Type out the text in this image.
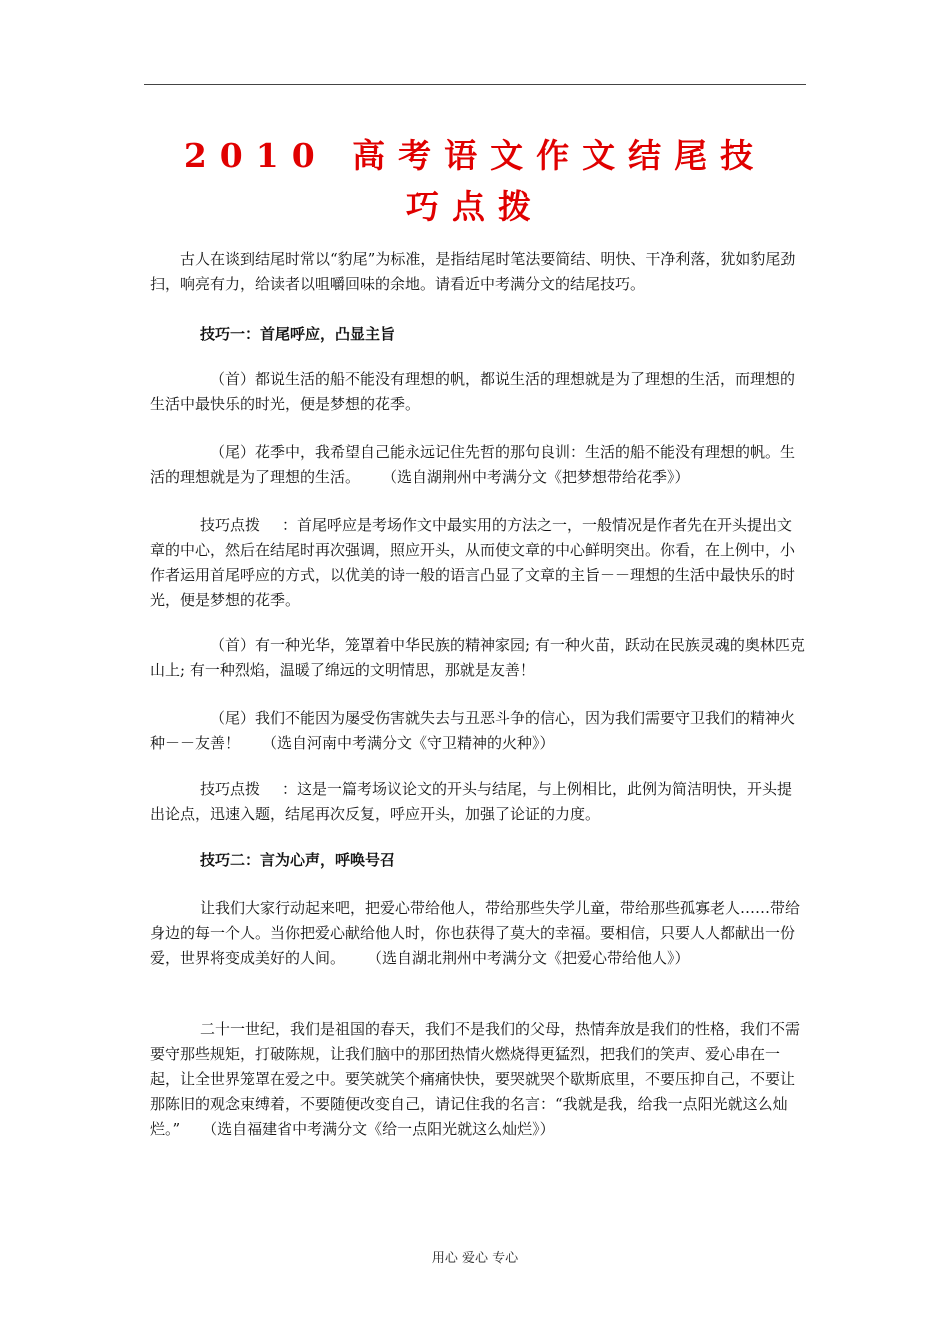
2010 高考语文作文结尾技
巧点拨
古人在谈到结尾时常以“豹尾”为标准，是指结尾时笔法要简结、明快、干净利落，犹如豹尾劲扫，响亮有力，给读者以咀嚼回味的余地。请看近中考满分文的结尾技巧。
技巧一：首尾呼应，凸显主旨
（首）都说生活的船不能没有理想的帆，都说生活的理想就是为了理想的生活，而理想的生活中最快乐的时光，便是梦想的花季。
（尾）花季中，我希望自己能永远记住先哲的那句良训：生活的船不能没有理想的帆。生活的理想就是为了理想的生活。 （选自湖荆州中考满分文《把梦想带给花季》）
技巧点拨 ：首尾呼应是考场作文中最实用的方法之一，一般情况是作者先在开头提出文章的中心，然后在结尾时再次强调，照应开头，从而使文章的中心鲜明突出。你看，在上例中，小作者运用首尾呼应的方式，以优美的诗一般的语言凸显了文章的主旨－－理想的生活中最快乐的时光，便是梦想的花季。
（首）有一种光华，笼罩着中华民族的精神家园; 有一种火苗，跃动在民族灵魂的奥林匹克山上; 有一种烈焰，温暖了绵远的文明情思，那就是友善！
（尾）我们不能因为屡受伤害就失去与丑恶斗争的信心，因为我们需要守卫我们的精神火种－－友善！ （选自河南中考满分文《守卫精神的火种》）
技巧点拨 ：这是一篇考场议论文的开头与结尾，与上例相比，此例为简洁明快，开头提出论点，迅速入题，结尾再次反复，呼应开头，加强了论证的力度。
技巧二：言为心声，呼唤号召
让我们大家行动起来吧，把爱心带给他人，带给那些失学儿童，带给那些孤寡老人……带给身边的每一个人。当你把爱心献给他人时，你也获得了莫大的幸福。要相信，只要人人都献出一份爱，世界将变成美好的人间。 （选自湖北荆州中考满分文《把爱心带给他人》）
二十一世纪，我们是祖国的春天，我们不是我们的父母，热情奔放是我们的性格，我们不需要守那些规矩，打破陈规，让我们脑中的那团热情火燃烧得更猛烈，把我们的笑声、爱心串在一起，让全世界笼罩在爱之中。要笑就笑个痛痛快快，要哭就哭个歇斯底里，不要压抑自己，不要让那陈旧的观念束缚着，不要随便改变自己，请记住我的名言：“我就是我，给我一点阳光就这么灿烂。” （选自福建省中考满分文《给一点阳光就这么灿烂》）
用心 爱心 专心
